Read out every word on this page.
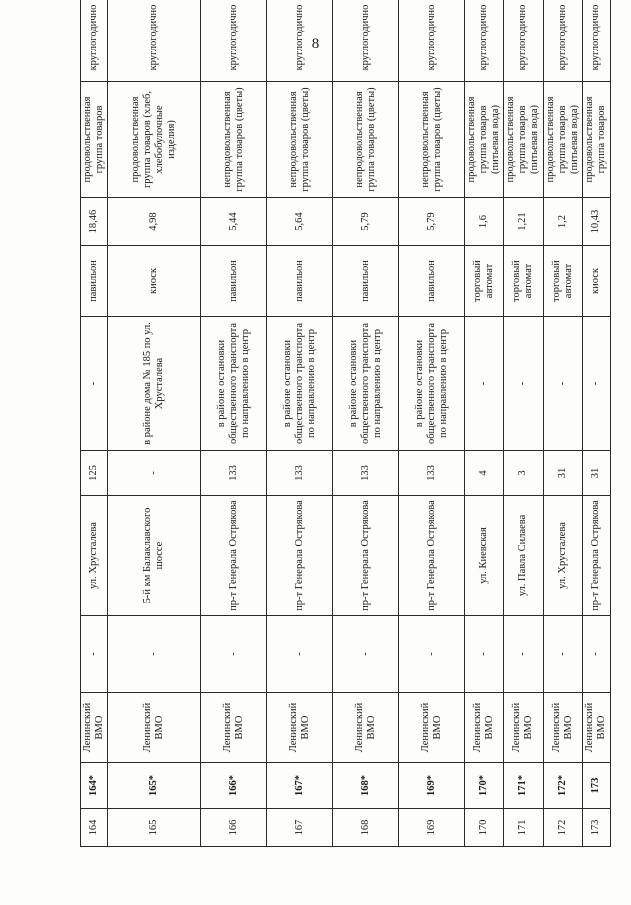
8
164	164*	Ленинский ВМО	-	ул. Хрусталева	125	-	павильон	18,46	продовольственная группа товаров	круглогодично	
165	165*	Ленинский ВМО	-	5-й км Балаклавского шоссе	-	в районе дома № 185 по ул. Хрусталева	киоск	4,98	продовольственная группа товаров (хлеб, хлебобулочные изделия)	круглогодично	
166	166*	Ленинский ВМО	-	пр-т Генерала Острякова	133	в районе остановки общественного транспорта по направлению в центр	павильон	5,44	непродовольственная группа товаров (цветы)	круглогодично	
167	167*	Ленинский ВМО	-	пр-т Генерала Острякова	133	в районе остановки общественного транспорта по направлению в центр	павильон	5,64	непродовольственная группа товаров (цветы)	круглогодично	
168	168*	Ленинский ВМО	-	пр-т Генерала Острякова	133	в районе остановки общественного транспорта по направлению в центр	павильон	5,79	непродовольственная группа товаров (цветы)	круглогодично	
169	169*	Ленинский ВМО	-	пр-т Генерала Острякова	133	в районе остановки общественного транспорта по направлению в центр	павильон	5,79	непродовольственная группа товаров (цветы)	круглогодично	
170	170*	Ленинский ВМО	-	ул. Киевская	4	-	торговый автомат	1,6	продовольственная группа товаров (питьевая вода)	круглогодично	
171	171*	Ленинский ВМО	-	ул. Павла Силаева	3	-	торговый автомат	1,21	продовольственная группа товаров (питьевая вода)	круглогодично	
172	172*	Ленинский ВМО	-	ул. Хрусталева	31	-	торговый автомат	1,2	продовольственная группа товаров (питьевая вода)	круглогодично	
173	173	Ленинский ВМО	-	пр-т Генерала Острякова	31	-	киоск	10,43	продовольственная группа товаров	круглогодично	
